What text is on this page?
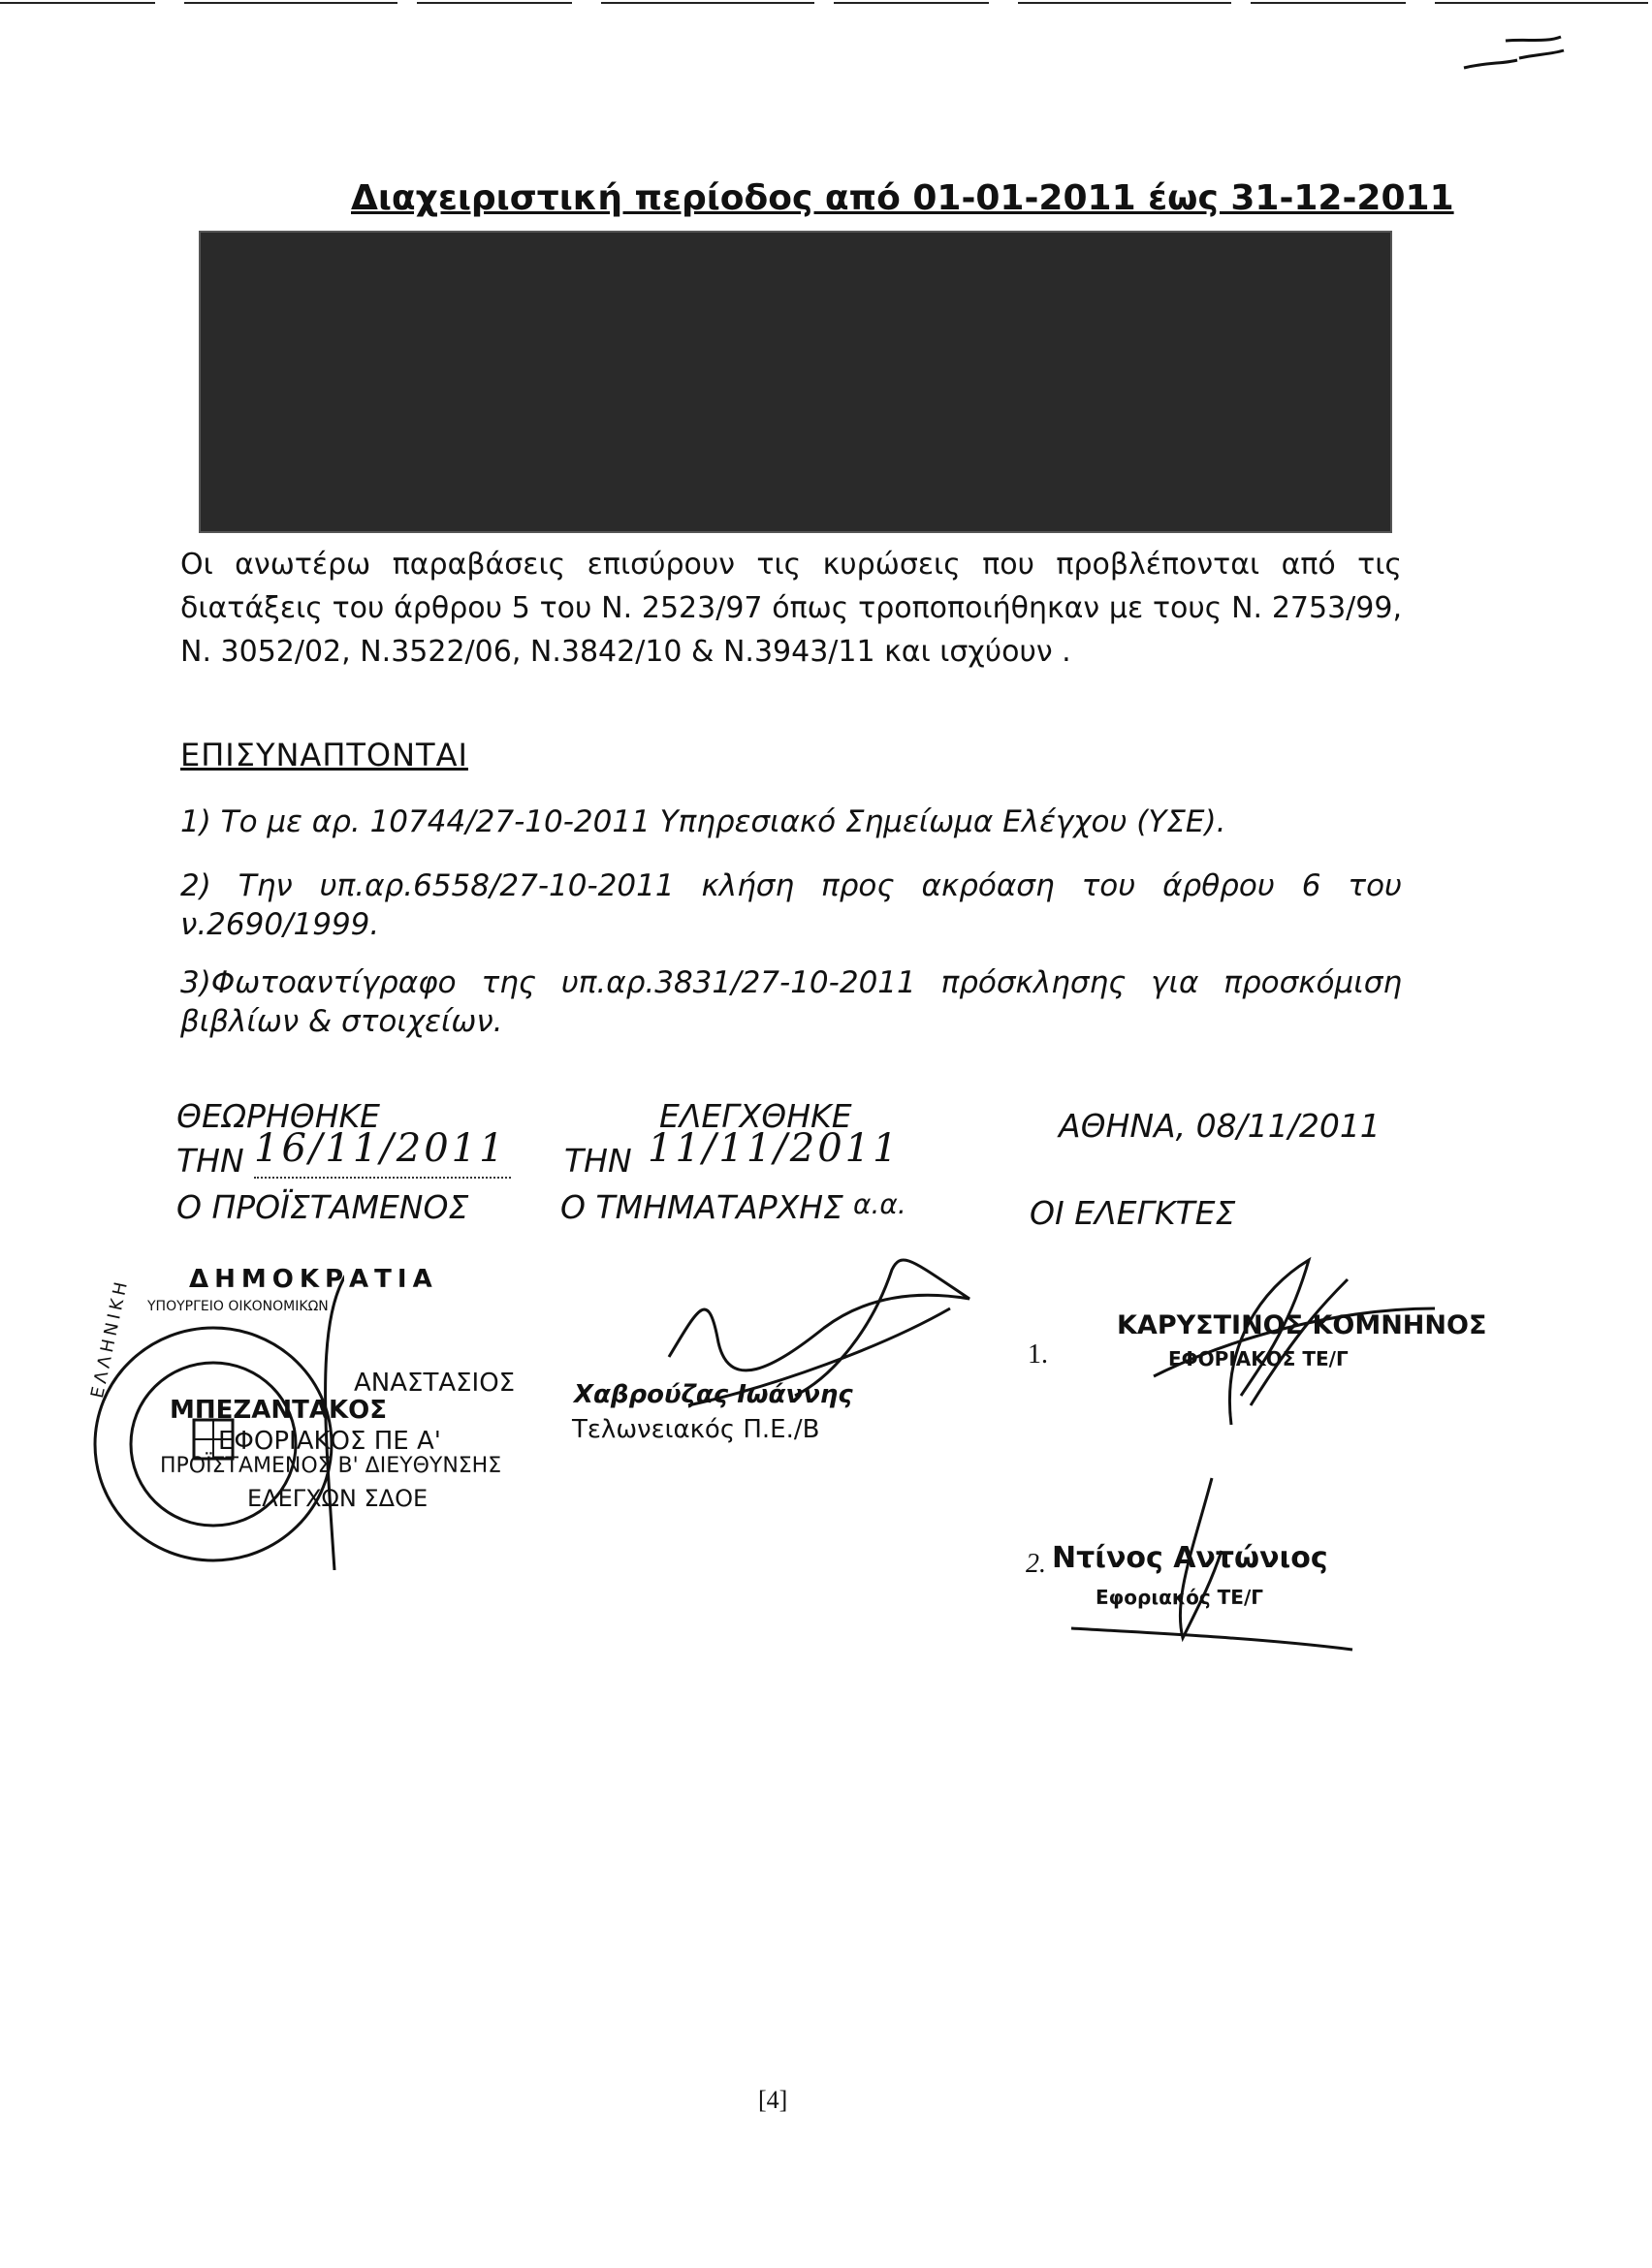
Διαχειριστική περίοδος από 01-01-2011 έως 31-12-2011
Οι ανωτέρω παραβάσεις επισύρουν τις κυρώσεις που προβλέπονται από τις διατάξεις του άρθρου 5 του Ν. 2523/97 όπως τροποποιήθηκαν με τους Ν. 2753/99, Ν. 3052/02, Ν.3522/06, Ν.3842/10 & Ν.3943/11 και ισχύουν .
ΕΠΙΣΥΝΑΠΤΟΝΤΑΙ
1) Το με αρ. 10744/27-10-2011 Υπηρεσιακό Σημείωμα Ελέγχου (ΥΣΕ).
2) Την υπ.αρ.6558/27-10-2011 κλήση προς ακρόαση του άρθρου 6 του ν.2690/1999.
3)Φωτοαντίγραφο της υπ.αρ.3831/27-10-2011 πρόσκλησης για προσκόμιση βιβλίων & στοιχείων.
ΘΕΩΡΗΘΗΚΕ
ΤΗΝ 16/11/2011
Ο ΠΡΟΪΣΤΑΜΕΝΟΣ
ΔΗΜΟΚΡΑΤΙΑ
ΥΠΟΥΡΓΕΙΟ ΟΙΚΟΝΟΜΙΚΩΝ
ΕΛΛΗΝΙΚΗ
ΜΠΕΖΑΝΤΑΚΟΣ
ΑΝΑΣΤΑΣΙΟΣ
ΕΦΟΡΙΑΚΟΣ ΠΕ Α'
ΠΡΟΪΣΤΑΜΕΝΟΣ Β' ΔΙΕΥΘΥΝΣΗΣ
ΕΛΕΓΧΩΝ ΣΔΟΕ
ΕΛΕΓΧΘΗΚΕ
ΤΗΝ 11/11/2011
Ο ΤΜΗΜΑΤΑΡΧΗΣ α.α.
Χαβρούζας Ιωάννης
Τελωνειακός Π.Ε./Β
ΑΘΗΝΑ, 08/11/2011
ΟΙ ΕΛΕΓΚΤΕΣ
1.
ΚΑΡΥΣΤΙΝΟΣ ΚΟΜΝΗΝΟΣ
ΕΦΟΡΙΑΚΟΣ ΤΕ/Γ
2. Ντίνος Αντώνιος
Εφοριακός ΤΕ/Γ
[4]
